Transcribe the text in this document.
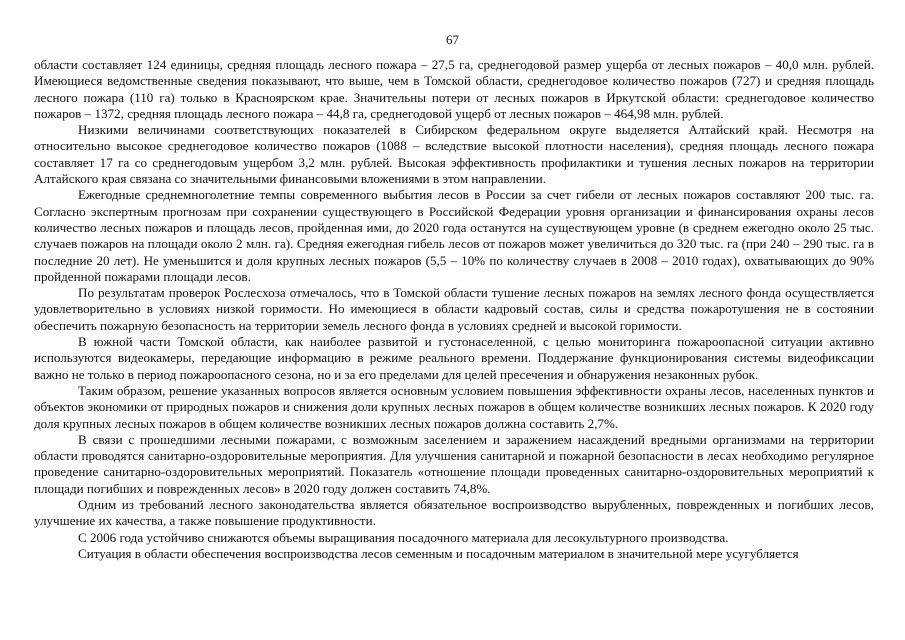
67

области составляет 124 единицы, средняя площадь лесного пожара – 27,5 га, среднегодовой размер ущерба от лесных пожаров – 40,0 млн. рублей. Имеющиеся ведомственные сведения показывают, что выше, чем в Томской области, среднегодовое количество пожаров (727) и средняя площадь лесного пожара (110 га) только в Красноярском крае. Значительны потери от лесных пожаров в Иркутской области: среднегодовое количество пожаров – 1372, средняя площадь лесного пожара – 44,8 га, среднегодовой ущерб от лесных пожаров – 464,98 млн. рублей.

Низкими величинами соответствующих показателей в Сибирском федеральном округе выделяется Алтайский край. Несмотря на относительно высокое среднегодовое количество пожаров (1088 – вследствие высокой плотности населения), средняя площадь лесного пожара составляет 17 га со среднегодовым ущербом 3,2 млн. рублей. Высокая эффективность профилактики и тушения лесных пожаров на территории Алтайского края связана со значительными финансовыми вложениями в этом направлении.

Ежегодные среднемноголетние темпы современного выбытия лесов в России за счет гибели от лесных пожаров составляют 200 тыс. га. Согласно экспертным прогнозам при сохранении существующего в Российской Федерации уровня организации и финансирования охраны лесов количество лесных пожаров и площадь лесов, пройденная ими, до 2020 года останутся на существующем уровне (в среднем ежегодно около 25 тыс. случаев пожаров на площади около 2 млн. га). Средняя ежегодная гибель лесов от пожаров может увеличиться до 320 тыс. га (при 240 – 290 тыс. га в последние 20 лет). Не уменьшится и доля крупных лесных пожаров (5,5 – 10% по количеству случаев в 2008 – 2010 годах), охватывающих до 90% пройденной пожарами площади лесов.

По результатам проверок Рослесхоза отмечалось, что в Томской области тушение лесных пожаров на землях лесного фонда осуществляется удовлетворительно в условиях низкой горимости. Но имеющиеся в области кадровый состав, силы и средства пожаротушения не в состоянии обеспечить пожарную безопасность на территории земель лесного фонда в условиях средней и высокой горимости.

В южной части Томской области, как наиболее развитой и густонаселенной, с целью мониторинга пожароопасной ситуации активно используются видеокамеры, передающие информацию в режиме реального времени. Поддержание функционирования системы видеофиксации важно не только в период пожароопасного сезона, но и за его пределами для целей пресечения и обнаружения незаконных рубок.

Таким образом, решение указанных вопросов является основным условием повышения эффективности охраны лесов, населенных пунктов и объектов экономики от природных пожаров и снижения доли крупных лесных пожаров в общем количестве возникших лесных пожаров. К 2020 году доля крупных лесных пожаров в общем количестве возникших лесных пожаров должна составить 2,7%.

В связи с прошедшими лесными пожарами, с возможным заселением и заражением насаждений вредными организмами на территории области проводятся санитарно-оздоровительные мероприятия. Для улучшения санитарной и пожарной безопасности в лесах необходимо регулярное проведение санитарно-оздоровительных мероприятий. Показатель «отношение площади проведенных санитарно-оздоровительных мероприятий к площади погибших и поврежденных лесов» в 2020 году должен составить 74,8%.

Одним из требований лесного законодательства является обязательное воспроизводство вырубленных, поврежденных и погибших лесов, улучшение их качества, а также повышение продуктивности.

С 2006 года устойчиво снижаются объемы выращивания посадочного материала для лесокультурного производства.

Ситуация в области обеспечения воспроизводства лесов семенным и посадочным материалом в значительной мере усугубляется
